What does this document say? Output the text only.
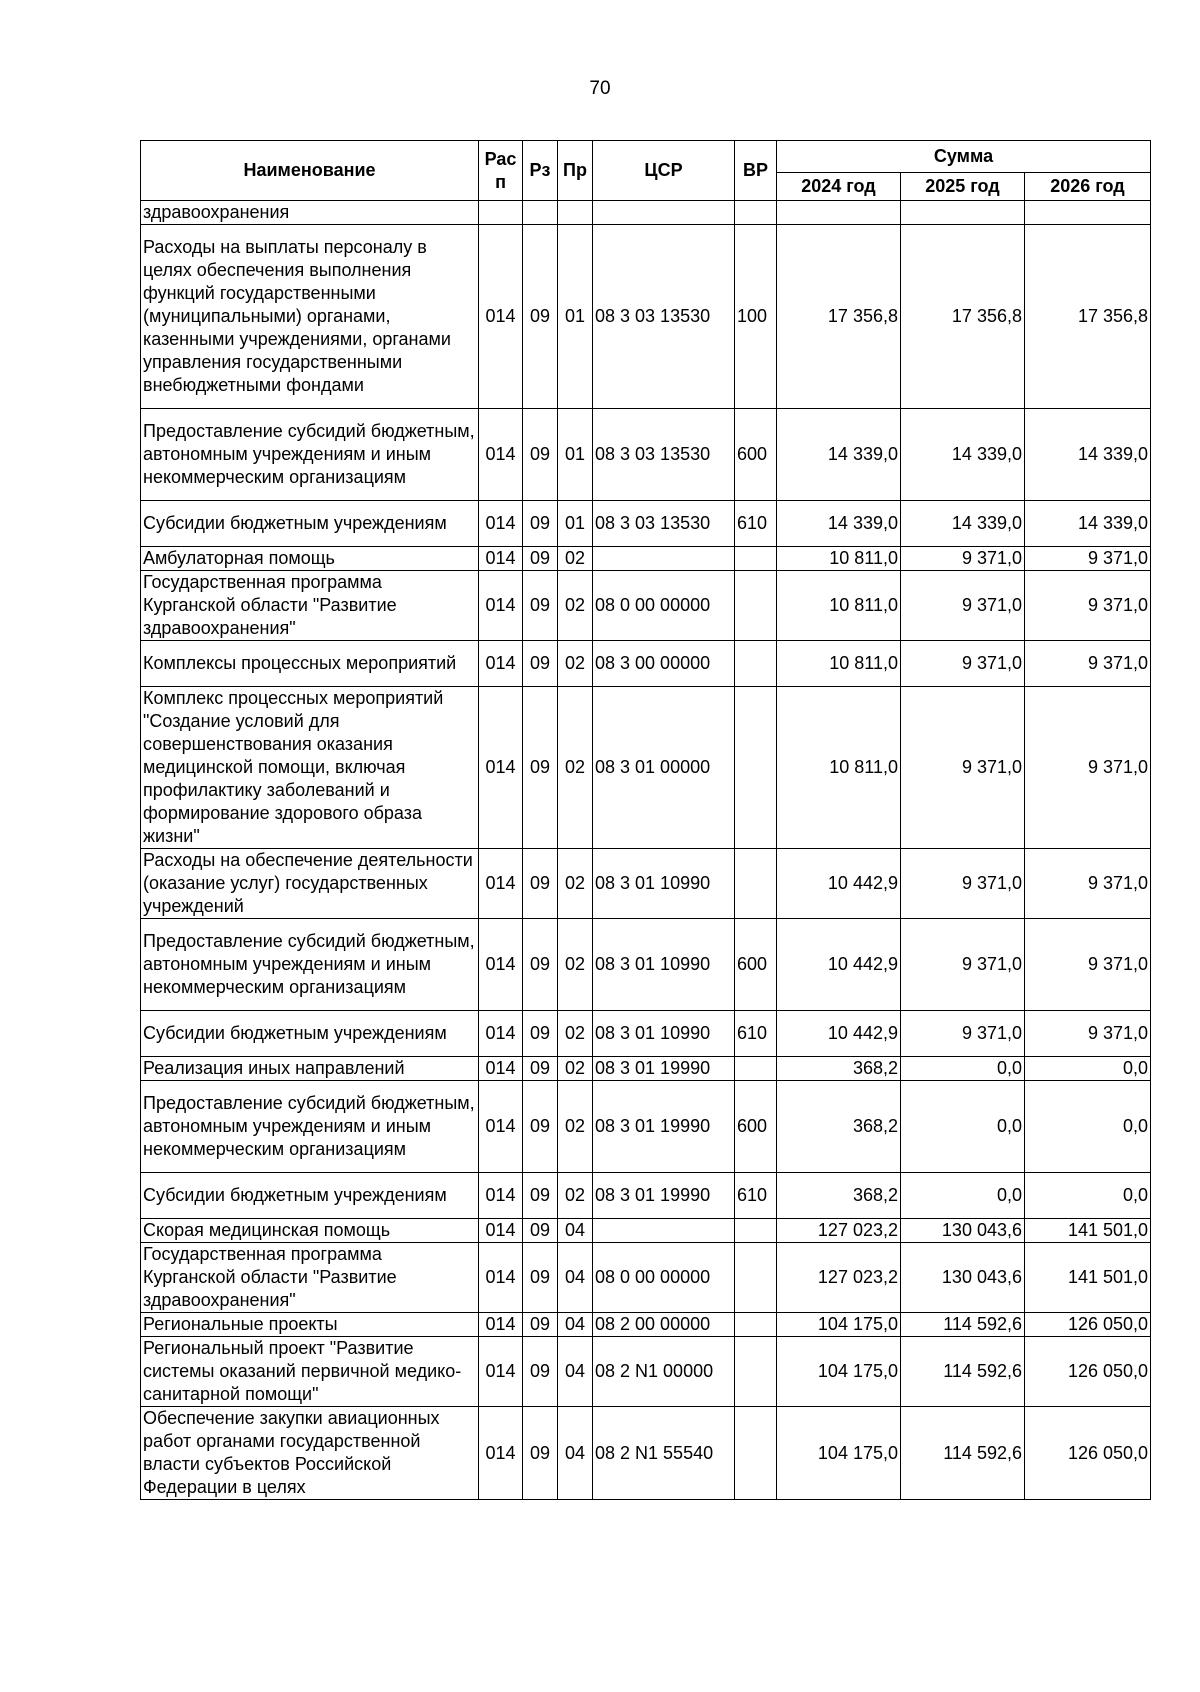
70
Наименование	Рас п	Рз	Пр	ЦСР	ВР	Сумма		
						2024 год	2025 год	2026 год
здравоохранения								
Расходы на выплаты персоналу в целях обеспечения выполнения функций государственными (муниципальными) органами, казенными учреждениями, органами управления государственными внебюджетными фондами	014	09	01	08 3 03 13530	100	17 356,8	17 356,8	17 356,8
Предоставление субсидий бюджетным, автономным учреждениям и иным некоммерческим организациям	014	09	01	08 3 03 13530	600	14 339,0	14 339,0	14 339,0
Субсидии бюджетным учреждениям	014	09	01	08 3 03 13530	610	14 339,0	14 339,0	14 339,0
Амбулаторная помощь	014	09	02			10 811,0	9 371,0	9 371,0
Государственная программа Курганской области "Развитие здравоохранения"	014	09	02	08 0 00 00000		10 811,0	9 371,0	9 371,0
Комплексы процессных мероприятий	014	09	02	08 3 00 00000		10 811,0	9 371,0	9 371,0
Комплекс процессных мероприятий "Создание условий для совершенствования оказания медицинской помощи, включая профилактику заболеваний и формирование здорового образа жизни"	014	09	02	08 3 01 00000		10 811,0	9 371,0	9 371,0
Расходы на обеспечение деятельности (оказание услуг) государственных учреждений	014	09	02	08 3 01 10990		10 442,9	9 371,0	9 371,0
Предоставление субсидий бюджетным, автономным учреждениям и иным некоммерческим организациям	014	09	02	08 3 01 10990	600	10 442,9	9 371,0	9 371,0
Субсидии бюджетным учреждениям	014	09	02	08 3 01 10990	610	10 442,9	9 371,0	9 371,0
Реализация иных направлений	014	09	02	08 3 01 19990		368,2	0,0	0,0
Предоставление субсидий бюджетным, автономным учреждениям и иным некоммерческим организациям	014	09	02	08 3 01 19990	600	368,2	0,0	0,0
Субсидии бюджетным учреждениям	014	09	02	08 3 01 19990	610	368,2	0,0	0,0
Скорая медицинская помощь	014	09	04			127 023,2	130 043,6	141 501,0
Государственная программа Курганской области "Развитие здравоохранения"	014	09	04	08 0 00 00000		127 023,2	130 043,6	141 501,0
Региональные проекты	014	09	04	08 2 00 00000		104 175,0	114 592,6	126 050,0
Региональный проект "Развитие системы оказаний первичной медико-санитарной помощи"	014	09	04	08 2 N1 00000		104 175,0	114 592,6	126 050,0
Обеспечение закупки авиационных работ органами государственной власти субъектов Российской Федерации в целях	014	09	04	08 2 N1 55540		104 175,0	114 592,6	126 050,0
